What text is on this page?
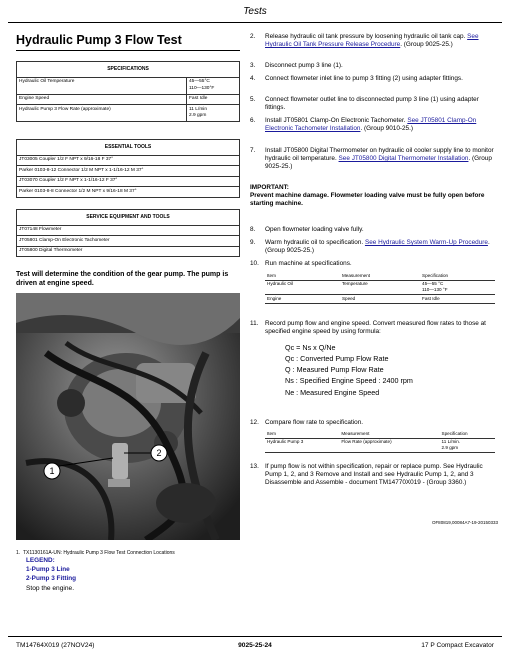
Tests
Hydraulic Pump 3 Flow Test
SPECIFICATIONS	
Hydraulic Oil Temperature	45—55°C
110—130°F
Engine Speed	Fast Idle
Hydraulic Pump 3 Flow Rate (approximate)	11 L/min
2.9 gpm
ESSENTIAL TOOLS
JT03005 Coupler 1/2 F NPT x 9/16-18 F 37°
Parker 0103-8-12 Connector 1/2 M NPT x 1-1/16-12 M 37°
JT03070 Coupler 1/2 F NPT x 1-1/16-12 F 37°
Parker 0103-8-8 Connector 1/2 M NPT x 9/16-18 M 37°
SERVICE EQUIPMENT AND TOOLS
JT07148 Flowmeter
JT05801 Clamp-On Electronic Tachometer
JT05800 Digital Thermometer
Test will determine the condition of the gear pump. The pump is driven at engine speed.
1
2
1.  TX1130161A-UN: Hydraulic Pump 3 Flow Test Connection Locations
LEGEND:
1-Pump 3 Line
2-Pump 3 Fitting
Stop the engine.
2.	Release hydraulic oil tank pressure by loosening hydraulic oil tank cap. See Hydraulic Oil Tank Pressure Release Procedure. (Group 9025-25.)
3.	Disconnect pump 3 line (1).
4.	Connect flowmeter inlet line to pump 3 fitting (2) using adapter fittings.
5.	Connect flowmeter outlet line to disconnected pump 3 line (1) using adapter fittings.
6.	Install JT05801 Clamp-On Electronic Tachometer. See JT05801 Clamp-On Electronic Tachometer Installation. (Group 9010-25.)
7.	Install JT05800 Digital Thermometer on hydraulic oil cooler supply line to monitor hydraulic oil temperature. See JT05800 Digital Thermometer Installation. (Group 9025-25.)
IMPORTANT:
Prevent machine damage. Flowmeter loading valve must be fully open before starting machine.
8.	Open flowmeter loading valve fully.
9.	Warm hydraulic oil to specification. See Hydraulic System Warm-Up Procedure. (Group 9025-25.)
10. Run machine at specifications.
11.	Record pump flow and engine speed. Convert measured flow rates to those at specified engine speed by using formula:
12. Compare flow rate to specification.
13. If pump flow is not within specification, repair or replace pump. See Hydraulic Pump 1, 2, and 3 Remove and Install and see Hydraulic Pump 1, 2, and 3 Disassemble and Assemble - document TM14770X019 - (Group 3360.)
Item	Measurement	Specification
Hydraulic Oil	Temperature	45—55 °C
110—130 °F
Engine	Speed	Fast Idle
Qc = Ns x Q/Ne
Qc : Converted Pump Flow Rate
Q : Measured Pump Flow Rate
Ns : Specified Engine Speed : 2400 rpm
Ne : Measured Engine Speed
Item	Measurement	Specification
Hydraulic Pump 3	Flow Rate (approximate)	11 L/min.
2.9 gpm
OF80819,00084A7-19-20150333
TM14764X019 (27NOV24)	9025-25-24	17 P Compact Excavator
